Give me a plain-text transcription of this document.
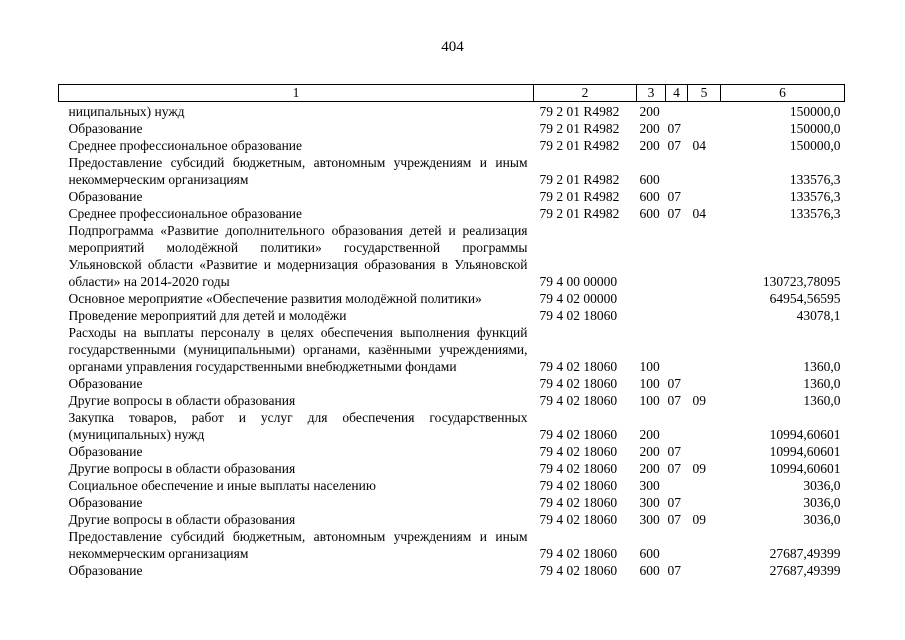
404
1	2	3	4	5	6
ниципальных) нужд	79 2 01 R4982	200			150000,0
Образование	79 2 01 R4982	200	07		150000,0
Среднее профессиональное образование	79 2 01 R4982	200	07	04	150000,0
Предоставление субсидий бюджетным, автономным учреждениям и иным некоммерческим организациям	79 2 01 R4982	600			133576,3
Образование	79 2 01 R4982	600	07		133576,3
Среднее профессиональное образование	79 2 01 R4982	600	07	04	133576,3
Подпрограмма «Развитие дополнительного образования детей и реализация мероприятий молодёжной политики» государственной программы Ульяновской области «Развитие и модернизация образования в Ульяновской области» на 2014-2020 годы	79 4 00 00000				130723,78095
Основное мероприятие «Обеспечение развития молодёжной политики»	79 4 02 00000				64954,56595
Проведение мероприятий для детей и молодёжи	79 4 02 18060				43078,1
Расходы на выплаты персоналу в целях обеспечения выполнения функций государственными (муниципальными) органами, казёнными учреждениями, органами управления государственными внебюджетными фондами	79 4 02 18060	100			1360,0
Образование	79 4 02 18060	100	07		1360,0
Другие вопросы в области образования	79 4 02 18060	100	07	09	1360,0
Закупка товаров, работ и услуг для обеспечения государственных (муниципальных) нужд	79 4 02 18060	200			10994,60601
Образование	79 4 02 18060	200	07		10994,60601
Другие вопросы в области образования	79 4 02 18060	200	07	09	10994,60601
Социальное обеспечение и иные выплаты населению	79 4 02 18060	300			3036,0
Образование	79 4 02 18060	300	07		3036,0
Другие вопросы в области образования	79 4 02 18060	300	07	09	3036,0
Предоставление субсидий бюджетным, автономным учреждениям и иным некоммерческим организациям	79 4 02 18060	600			27687,49399
Образование	79 4 02 18060	600	07		27687,49399
